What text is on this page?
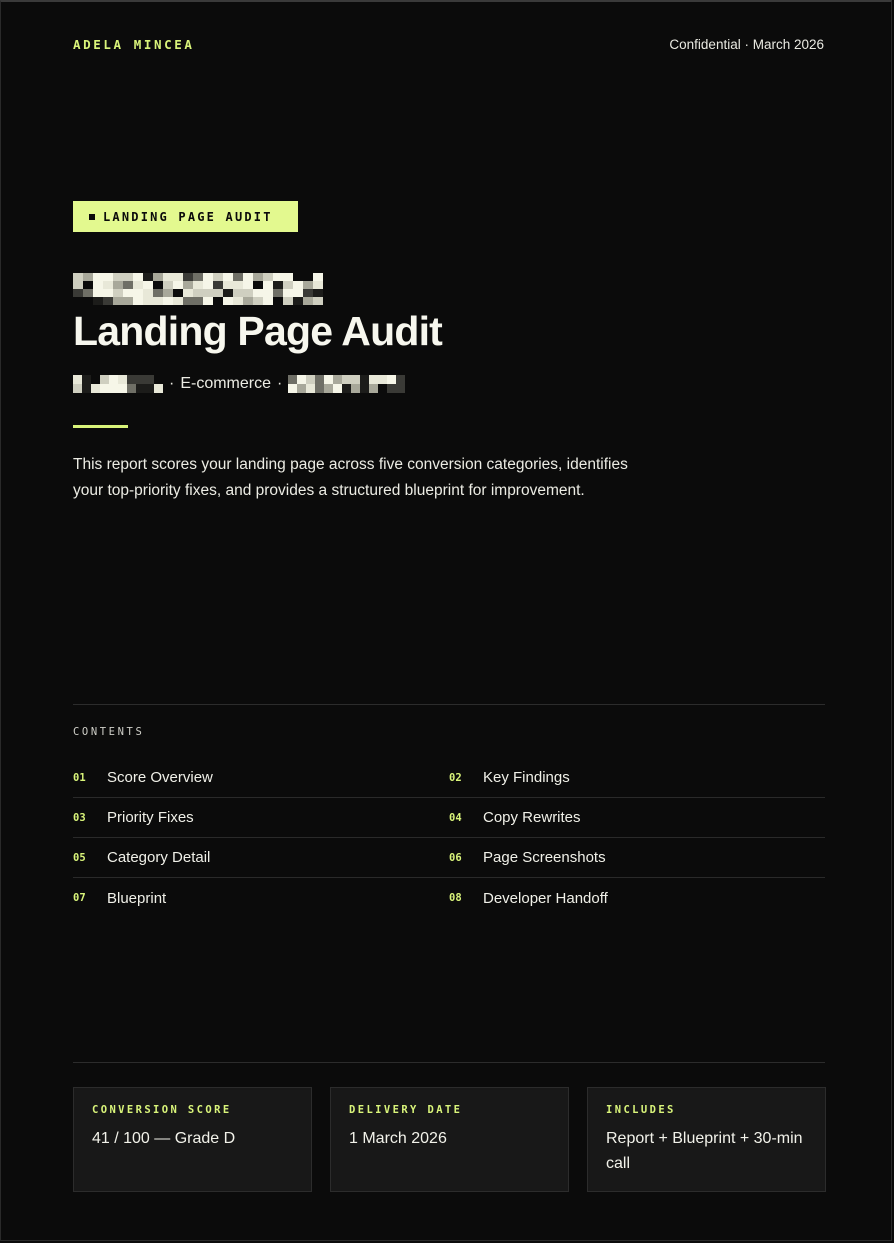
ADELA MINCEA	Confidential · March 2026
LANDING PAGE AUDIT
Landing Page Audit
· E-commerce ·

This report scores your landing page across five conversion categories, identifies your top-priority fixes, and provides a structured blueprint for improvement.

CONTENTS
01	Score Overview	02	Key Findings
03	Priority Fixes	04	Copy Rewrites
05	Category Detail	06	Page Screenshots
07	Blueprint	08	Developer Handoff
CONVERSION SCORE
41 / 100 — Grade D
DELIVERY DATE
1 March 2026
INCLUDES
Report + Blueprint + 30-min call
